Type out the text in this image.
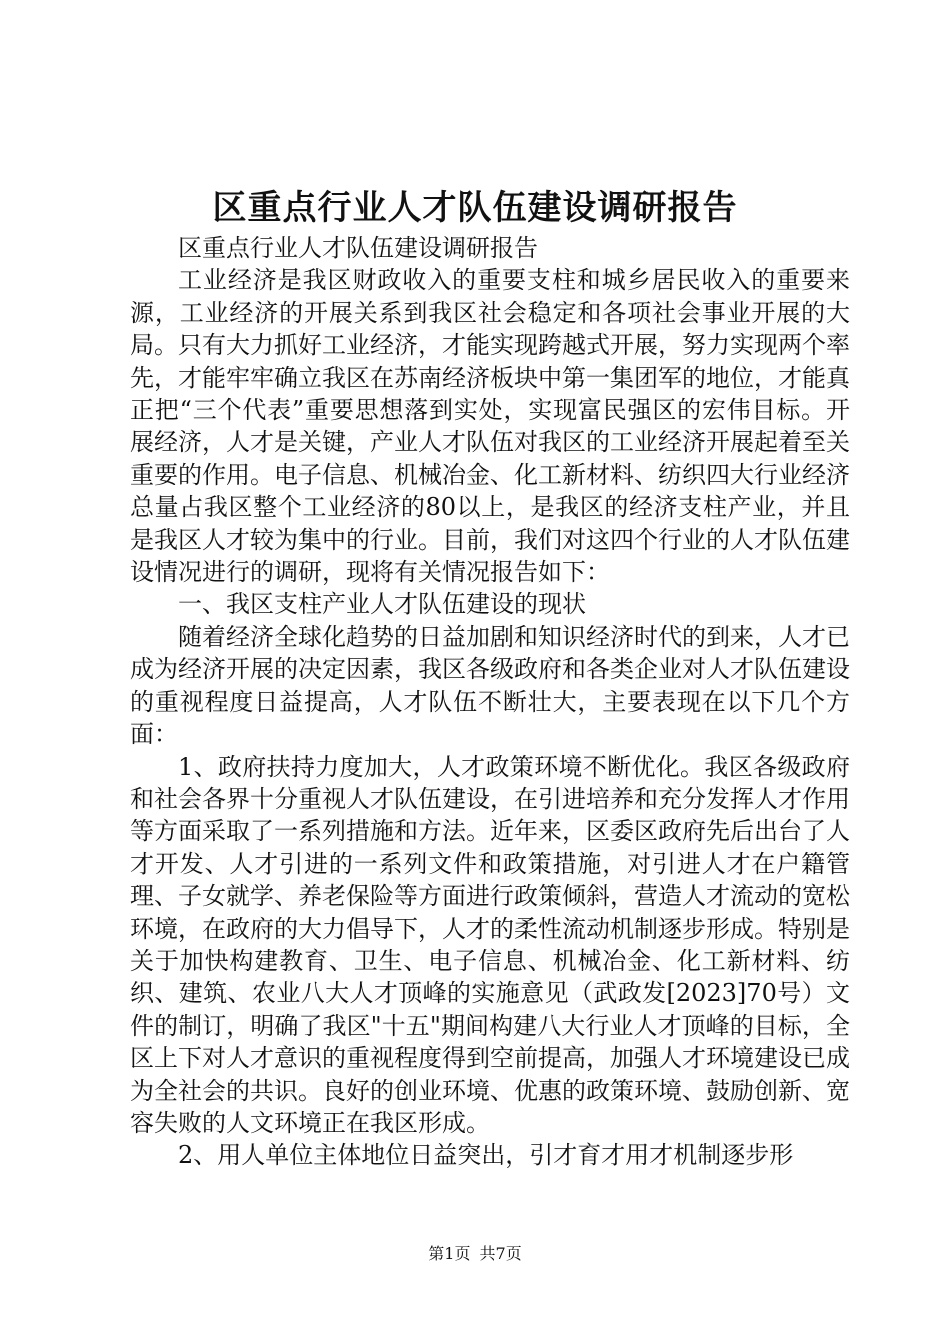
区重点行业人才队伍建设调研报告

区重点行业人才队伍建设调研报告

工业经济是我区财政收入的重要支柱和城乡居民收入的重要来源，工业经济的开展关系到我区社会稳定和各项社会事业开展的大局。只有大力抓好工业经济，才能实现跨越式开展，努力实现两个率先，才能牢牢确立我区在苏南经济板块中第一集团军的地位，才能真正把“三个代表”重要思想落到实处，实现富民强区的宏伟目标。开展经济，人才是关键，产业人才队伍对我区的工业经济开展起着至关重要的作用。电子信息、机械冶金、化工新材料、纺织四大行业经济总量占我区整个工业经济的80以上，是我区的经济支柱产业，并且是我区人才较为集中的行业。目前，我们对这四个行业的人才队伍建设情况进行的调研，现将有关情况报告如下：

一、我区支柱产业人才队伍建设的现状

随着经济全球化趋势的日益加剧和知识经济时代的到来，人才已成为经济开展的决定因素，我区各级政府和各类企业对人才队伍建设的重视程度日益提高，人才队伍不断壮大，主要表现在以下几个方面：

1、政府扶持力度加大，人才政策环境不断优化。我区各级政府和社会各界十分重视人才队伍建设，在引进培养和充分发挥人才作用等方面采取了一系列措施和方法。近年来，区委区政府先后出台了人才开发、人才引进的一系列文件和政策措施，对引进人才在户籍管理、子女就学、养老保险等方面进行政策倾斜，营造人才流动的宽松环境，在政府的大力倡导下，人才的柔性流动机制逐步形成。特别是关于加快构建教育、卫生、电子信息、机械冶金、化工新材料、纺织、建筑、农业八大人才顶峰的实施意见（武政发[2023]70号）文件的制订，明确了我区"十五"期间构建八大行业人才顶峰的目标，全区上下对人才意识的重视程度得到空前提高，加强人才环境建设已成为全社会的共识。良好的创业环境、优惠的政策环境、鼓励创新、宽容失败的人文环境正在我区形成。

2、用人单位主体地位日益突出，引才育才用才机制逐步形

第1页 共7页
